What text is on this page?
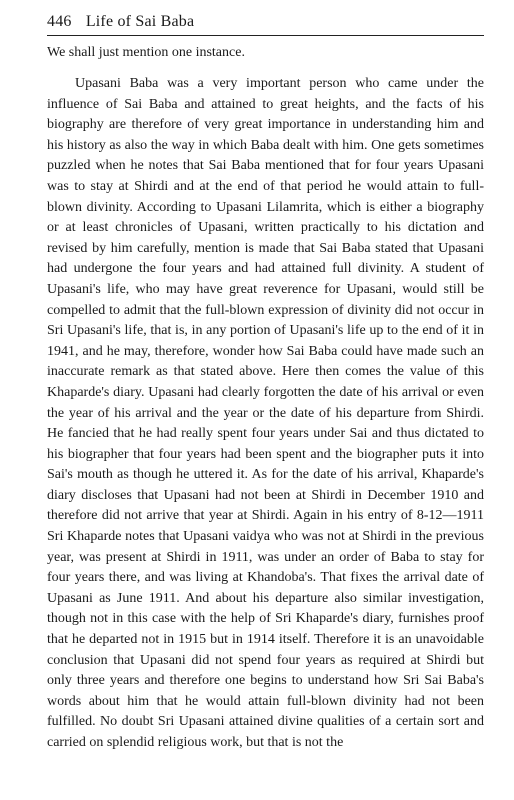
446 Life of Sai Baba

We shall just mention one instance.

Upasani Baba was a very important person who came under the influence of Sai Baba and attained to great heights, and the facts of his biography are therefore of very great importance in understanding him and his history as also the way in which Baba dealt with him. One gets sometimes puzzled when he notes that Sai Baba mentioned that for four years Upasani was to stay at Shirdi and at the end of that period he would attain to full-blown divinity. According to Upasani Lilamrita, which is either a biography or at least chronicles of Upasani, written practically to his dictation and revised by him carefully, mention is made that Sai Baba stated that Upasani had undergone the four years and had attained full divinity. A student of Upasani's life, who may have great reverence for Upasani, would still be compelled to admit that the full-blown expression of divinity did not occur in Sri Upasani's life, that is, in any portion of Upasani's life up to the end of it in 1941, and he may, therefore, wonder how Sai Baba could have made such an inaccurate remark as that stated above. Here then comes the value of this Khaparde's diary. Upasani had clearly forgotten the date of his arrival or even the year of his arrival and the year or the date of his departure from Shirdi. He fancied that he had really spent four years under Sai and thus dictated to his biographer that four years had been spent and the biographer puts it into Sai's mouth as though he uttered it. As for the date of his arrival, Khaparde's diary discloses that Upasani had not been at Shirdi in December 1910 and therefore did not arrive that year at Shirdi. Again in his entry of 8-12—1911 Sri Khaparde notes that Upasani vaidya who was not at Shirdi in the previous year, was present at Shirdi in 1911, was under an order of Baba to stay for four years there, and was living at Khandoba's. That fixes the arrival date of Upasani as June 1911. And about his departure also similar investigation, though not in this case with the help of Sri Khaparde's diary, furnishes proof that he departed not in 1915 but in 1914 itself. Therefore it is an unavoidable conclusion that Upasani did not spend four years as required at Shirdi but only three years and therefore one begins to understand how Sri Sai Baba's words about him that he would attain full-blown divinity had not been fulfilled. No doubt Sri Upasani attained divine qualities of a certain sort and carried on splendid religious work, but that is not the
